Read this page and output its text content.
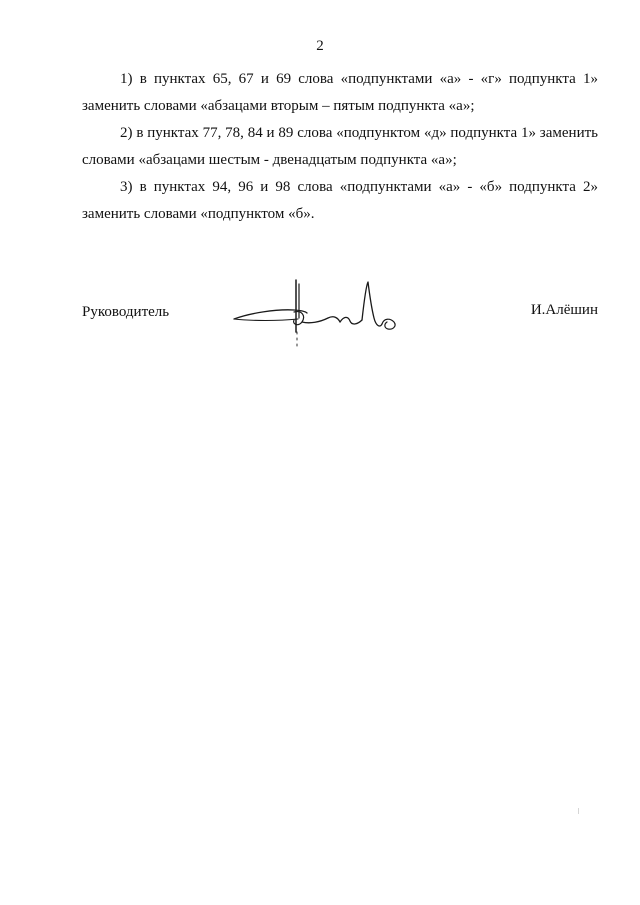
2

1) в пунктах 65, 67 и 69 слова «подпунктами «а» - «г» подпункта 1» заменить словами «абзацами вторым – пятым подпункта «а»;

2) в пунктах 77, 78, 84 и 89 слова «подпунктом «д» подпункта 1» заменить словами «абзацами шестым - двенадцатым подпункта «а»;

3) в пунктах 94, 96 и 98 слова «подпунктами «а» - «б» подпункта 2» заменить словами «подпунктом «б».

Руководитель	И.Алёшин
